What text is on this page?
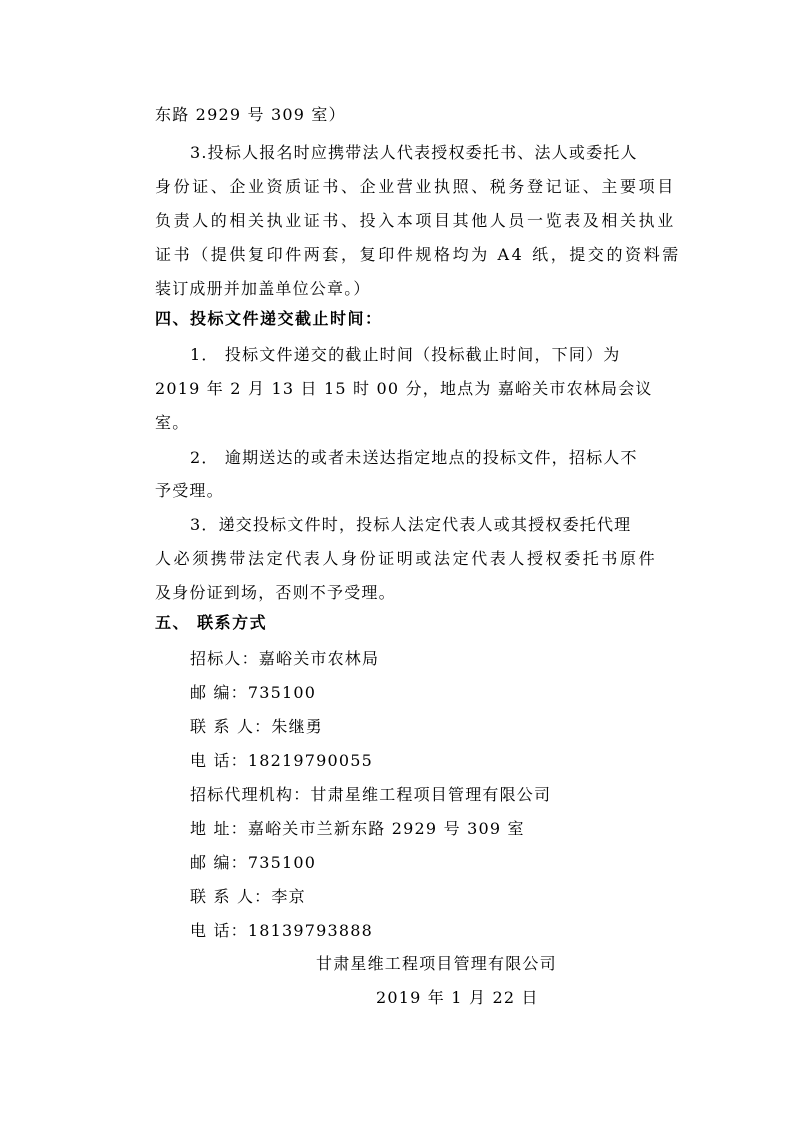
东路 2929 号 309 室）
3.投标人报名时应携带法人代表授权委托书、法人或委托人
身份证、企业资质证书、企业营业执照、税务登记证、主要项目
负责人的相关执业证书、投入本项目其他人员一览表及相关执业
证书（提供复印件两套，复印件规格均为 A4 纸，提交的资料需
装订成册并加盖单位公章。）
四、投标文件递交截止时间：
1． 投标文件递交的截止时间（投标截止时间，下同）为
2019 年 2 月 13 日 15 时 00 分，地点为 嘉峪关市农林局会议
室。
2． 逾期送达的或者未送达指定地点的投标文件，招标人不
予受理。
3．递交投标文件时，投标人法定代表人或其授权委托代理
人必须携带法定代表人身份证明或法定代表人授权委托书原件
及身份证到场，否则不予受理。
五、 联系方式
招标人：嘉峪关市农林局
邮 编：735100
联 系 人：朱继勇
电 话：18219790055
招标代理机构：甘肃星维工程项目管理有限公司
地 址：嘉峪关市兰新东路 2929 号 309 室
邮 编：735100
联 系 人：李京
电 话：18139793888
甘肃星维工程项目管理有限公司
2019 年 1 月 22 日
